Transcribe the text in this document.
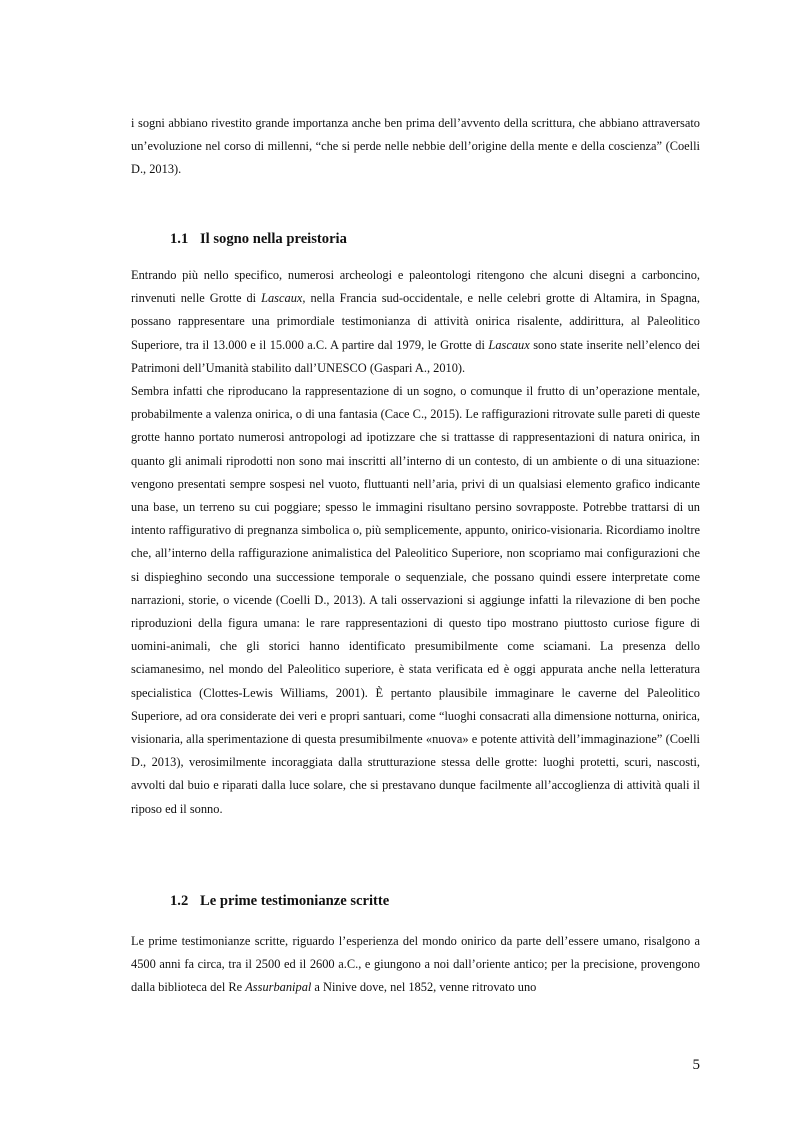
i sogni abbiano rivestito grande importanza anche ben prima dell’avvento della scrittura, che abbiano attraversato un’evoluzione nel corso di millenni, “che si perde nelle nebbie dell’origine della mente e della coscienza” (Coelli D., 2013).

1.1 Il sogno nella preistoria

Entrando più nello specifico, numerosi archeologi e paleontologi ritengono che alcuni disegni a carboncino, rinvenuti nelle Grotte di Lascaux, nella Francia sud-occidentale, e nelle celebri grotte di Altamira, in Spagna, possano rappresentare una primordiale testimonianza di attività onirica risalente, addirittura, al Paleolitico Superiore, tra il 13.000 e il 15.000 a.C. A partire dal 1979, le Grotte di Lascaux sono state inserite nell’elenco dei Patrimoni dell’Umanità stabilito dall’UNESCO (Gaspari A., 2010).

Sembra infatti che riproducano la rappresentazione di un sogno, o comunque il frutto di un’operazione mentale, probabilmente a valenza onirica, o di una fantasia (Cace C., 2015). Le raffigurazioni ritrovate sulle pareti di queste grotte hanno portato numerosi antropologi ad ipotizzare che si trattasse di rappresentazioni di natura onirica, in quanto gli animali riprodotti non sono mai inscritti all’interno di un contesto, di un ambiente o di una situazione: vengono presentati sempre sospesi nel vuoto, fluttuanti nell’aria, privi di un qualsiasi elemento grafico indicante una base, un terreno su cui poggiare; spesso le immagini risultano persino sovrapposte. Potrebbe trattarsi di un intento raffigurativo di pregnanza simbolica o, più semplicemente, appunto, onirico-visionaria. Ricordiamo inoltre che, all’interno della raffigurazione animalistica del Paleolitico Superiore, non scopriamo mai configurazioni che si dispieghino secondo una successione temporale o sequenziale, che possano quindi essere interpretate come narrazioni, storie, o vicende (Coelli D., 2013). A tali osservazioni si aggiunge infatti la rilevazione di ben poche riproduzioni della figura umana: le rare rappresentazioni di questo tipo mostrano piuttosto curiose figure di uomini-animali, che gli storici hanno identificato presumibilmente come sciamani. La presenza dello sciamanesimo, nel mondo del Paleolitico superiore, è stata verificata ed è oggi appurata anche nella letteratura specialistica (Clottes-Lewis Williams, 2001). È pertanto plausibile immaginare le caverne del Paleolitico Superiore, ad ora considerate dei veri e propri santuari, come “luoghi consacrati alla dimensione notturna, onirica, visionaria, alla sperimentazione di questa presumibilmente «nuova» e potente attività dell’immaginazione” (Coelli D., 2013), verosimilmente incoraggiata dalla strutturazione stessa delle grotte: luoghi protetti, scuri, nascosti, avvolti dal buio e riparati dalla luce solare, che si prestavano dunque facilmente all’accoglienza di attività quali il riposo ed il sonno.

1.2 Le prime testimonianze scritte

Le prime testimonianze scritte, riguardo l’esperienza del mondo onirico da parte dell’essere umano, risalgono a 4500 anni fa circa, tra il 2500 ed il 2600 a.C., e giungono a noi dall’oriente antico; per la precisione, provengono dalla biblioteca del Re Assurbanipal a Ninive dove, nel 1852, venne ritrovato uno

5
